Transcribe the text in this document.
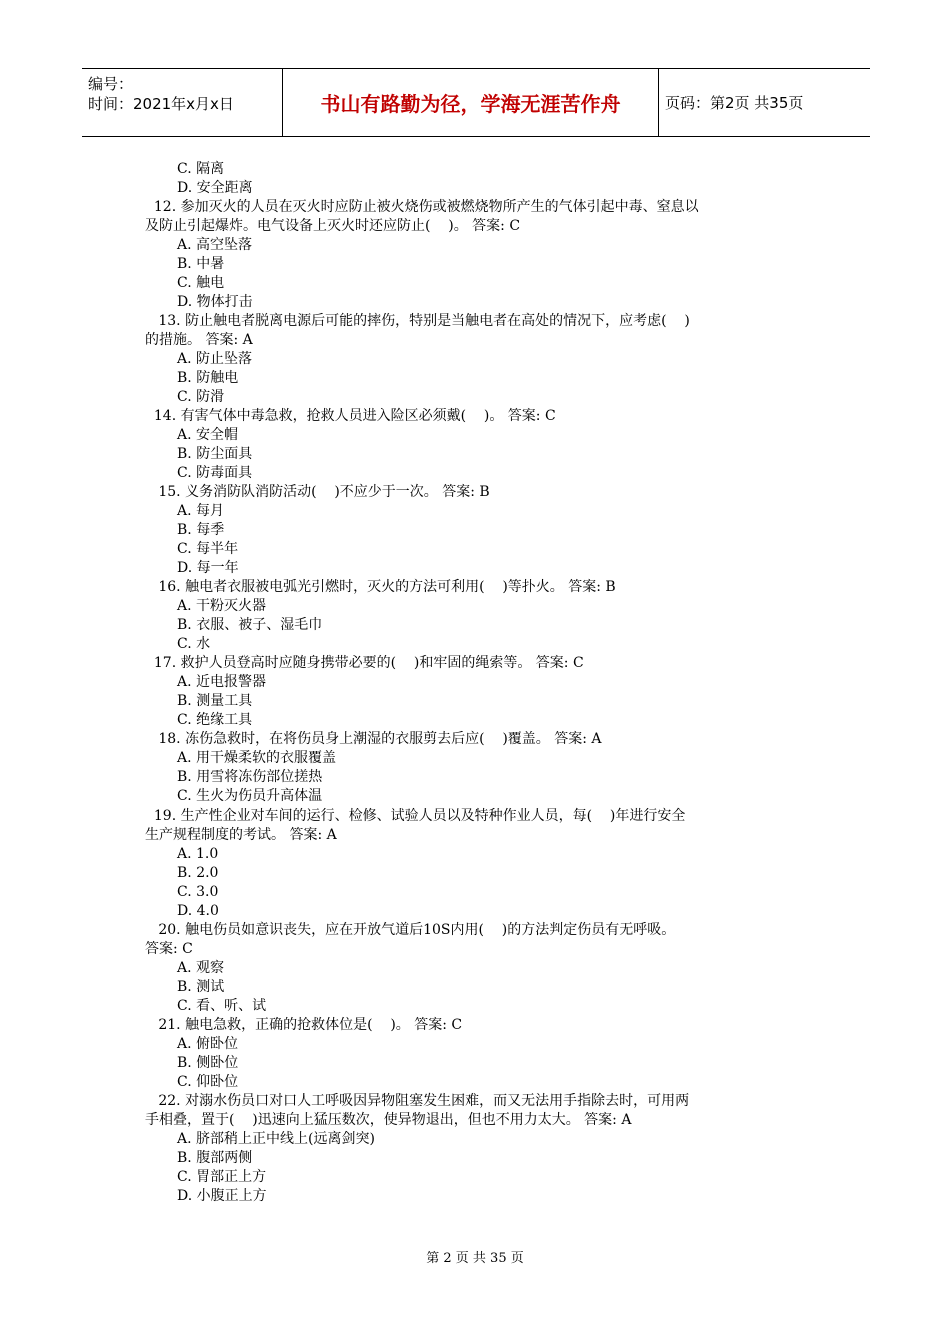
编号：
时间：2021年x月x日	书山有路勤为径，学海无涯苦作舟	页码：第2页 共35页
C. 隔离
D. 安全距离
12. 参加灭火的人员在灭火时应防止被火烧伤或被燃烧物所产生的气体引起中毒、窒息以
及防止引起爆炸。电气设备上灭火时还应防止(    )。 答案: C
A. 高空坠落
B. 中暑
C. 触电
D. 物体打击
13. 防止触电者脱离电源后可能的摔伤，特别是当触电者在高处的情况下，应考虑(    )
的措施。 答案: A
A. 防止坠落
B. 防触电
C. 防滑
14. 有害气体中毒急救，抢救人员进入险区必须戴(    )。 答案: C
A. 安全帽
B. 防尘面具
C. 防毒面具
15. 义务消防队消防活动(    )不应少于一次。 答案: B
A. 每月
B. 每季
C. 每半年
D. 每一年
16. 触电者衣服被电弧光引燃时，灭火的方法可利用(    )等扑火。 答案: B
A. 干粉灭火器
B. 衣服、被子、湿毛巾
C. 水
17. 救护人员登高时应随身携带必要的(    )和牢固的绳索等。 答案: C
A. 近电报警器
B. 测量工具
C. 绝缘工具
18. 冻伤急救时，在将伤员身上潮湿的衣服剪去后应(    )覆盖。 答案: A
A. 用干燥柔软的衣服覆盖
B. 用雪将冻伤部位搓热
C. 生火为伤员升高体温
19. 生产性企业对车间的运行、检修、试验人员以及特种作业人员，每(    )年进行安全
生产规程制度的考试。 答案: A
A. 1.0
B. 2.0
C. 3.0
D. 4.0
20. 触电伤员如意识丧失，应在开放气道后10S内用(    )的方法判定伤员有无呼吸。
答案: C
A. 观察
B. 测试
C. 看、听、试
21. 触电急救，正确的抢救体位是(    )。 答案: C
A. 俯卧位
B. 侧卧位
C. 仰卧位
22. 对溺水伤员口对口人工呼吸因异物阻塞发生困难，而又无法用手指除去时，可用两
手相叠，置于(    )迅速向上猛压数次，使异物退出，但也不用力太大。 答案: A
A. 脐部稍上正中线上(远离剑突)
B. 腹部两侧
C. 胃部正上方
D. 小腹正上方
第 2 页 共 35 页
